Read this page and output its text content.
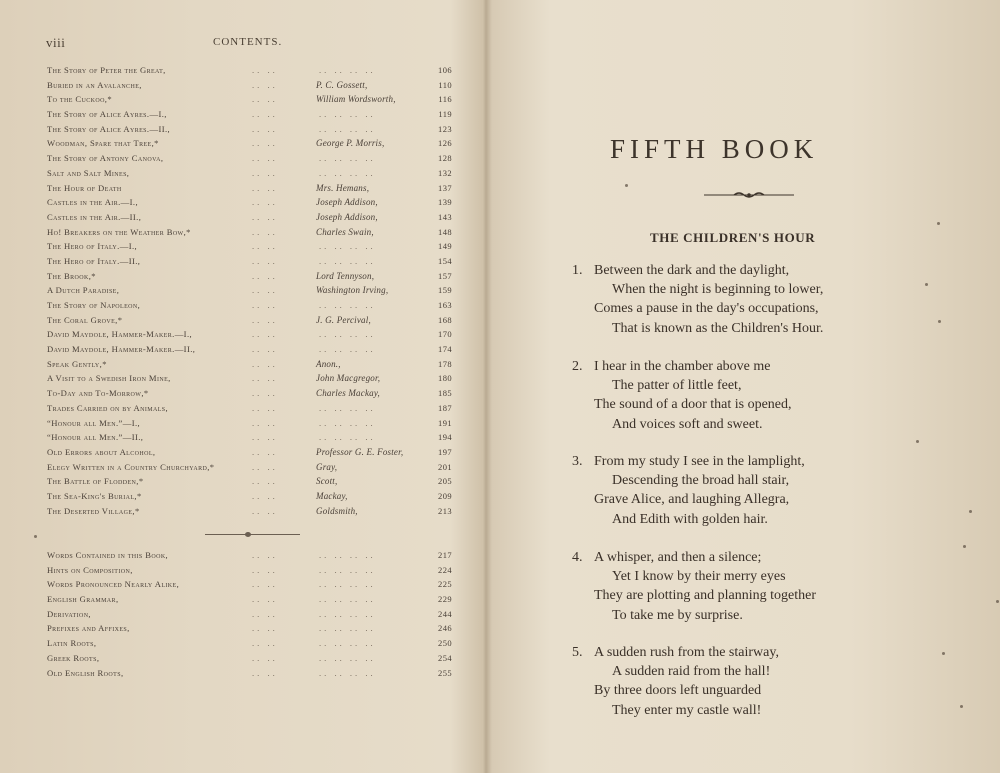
viii	CONTENTS.
The Story of Peter the Great,	.. ..	.. .. .. ..	106
Buried in an Avalanche,	.. ..	P. C. Gossett,	110
To the Cuckoo,*	.. ..	William Wordsworth,	116
The Story of Alice Ayres.—I.,	.. ..	.. .. .. ..	119
The Story of Alice Ayres.—II.,	.. ..	.. .. .. ..	123
Woodman, Spare that Tree,*	.. ..	George P. Morris,	126
The Story of Antony Canova,	.. ..	.. .. .. ..	128
Salt and Salt Mines,	.. ..	.. .. .. ..	132
The Hour of Death	.. ..	Mrs. Hemans,	137
Castles in the Air.—I.,	.. ..	Joseph Addison,	139
Castles in the Air.—II.,	.. ..	Joseph Addison,	143
Ho! Breakers on the Weather Bow,*	.. ..	Charles Swain,	148
The Hero of Italy.—I.,	.. ..	.. .. .. ..	149
The Hero of Italy.—II.,	.. ..	.. .. .. ..	154
The Brook,*	.. ..	Lord Tennyson,	157
A Dutch Paradise,	.. ..	Washington Irving,	159
The Story of Napoleon,	.. ..	.. .. .. ..	163
The Coral Grove,*	.. ..	J. G. Percival,	168
David Maydole, Hammer-Maker.—I.,	.. ..	.. .. .. ..	170
David Maydole, Hammer-Maker.—II.,	.. ..	.. .. .. ..	174
Speak Gently,*	.. ..	Anon.,	178
A Visit to a Swedish Iron Mine,	.. ..	John Macgregor,	180
To-Day and To-Morrow,*	.. ..	Charles Mackay,	185
Trades Carried on by Animals,	.. ..	.. .. .. ..	187
“Honour all Men.”—I.,	.. ..	.. .. .. ..	191
“Honour all Men.”—II.,	.. ..	.. .. .. ..	194
Old Errors about Alcohol,	.. ..	Professor G. E. Foster,	197
Elegy Written in a Country Churchyard,*	.. ..	Gray,	201
The Battle of Flodden,*	.. ..	Scott,	205
The Sea-King's Burial,*	.. ..	Mackay,	209
The Deserted Village,*	.. ..	Goldsmith,	213
Words Contained in this Book,	.. ..	.. .. .. ..	217
Hints on Composition,	.. ..	.. .. .. ..	224
Words Pronounced Nearly Alike,	.. ..	.. .. .. ..	225
English Grammar,	.. ..	.. .. .. ..	229
Derivation,	.. ..	.. .. .. ..	244
Prefixes and Affixes,	.. ..	.. .. .. ..	246
Latin Roots,	.. ..	.. .. .. ..	250
Greek Roots,	.. ..	.. .. .. ..	254
Old English Roots,	.. ..	.. .. .. ..	255
FIFTH BOOK
THE CHILDREN'S HOUR
1. Between the dark and the daylight,
When the night is beginning to lower,
Comes a pause in the day's occupations,
That is known as the Children's Hour.
2. I hear in the chamber above me
The patter of little feet,
The sound of a door that is opened,
And voices soft and sweet.
3. From my study I see in the lamplight,
Descending the broad hall stair,
Grave Alice, and laughing Allegra,
And Edith with golden hair.
4. A whisper, and then a silence;
Yet I know by their merry eyes
They are plotting and planning together
To take me by surprise.
5. A sudden rush from the stairway,
A sudden raid from the hall!
By three doors left unguarded
They enter my castle wall!
